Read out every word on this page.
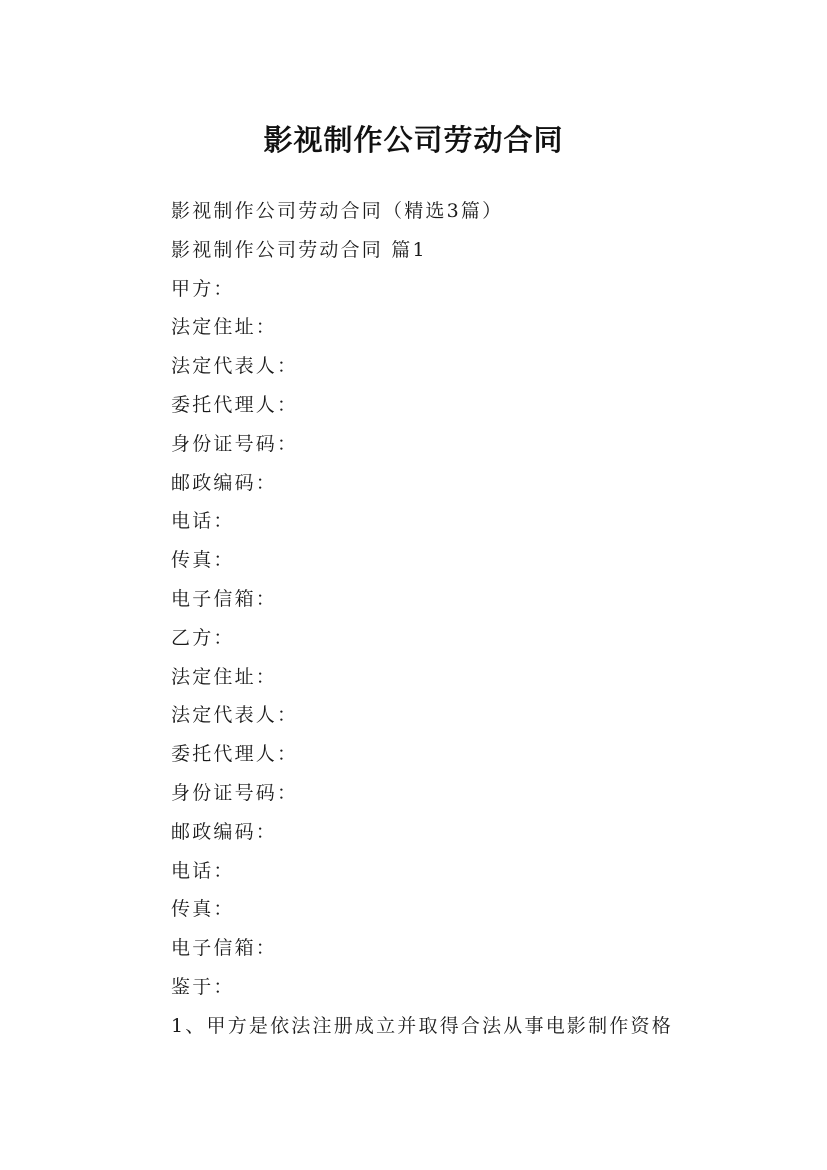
影视制作公司劳动合同
影视制作公司劳动合同（精选3篇）
影视制作公司劳动合同 篇1
甲方：
法定住址：
法定代表人：
委托代理人：
身份证号码：
邮政编码：
电话：
传真：
电子信箱：
乙方：
法定住址：
法定代表人：
委托代理人：
身份证号码：
邮政编码：
电话：
传真：
电子信箱：
鉴于：
1、甲方是依法注册成立并取得合法从事电影制作资格
